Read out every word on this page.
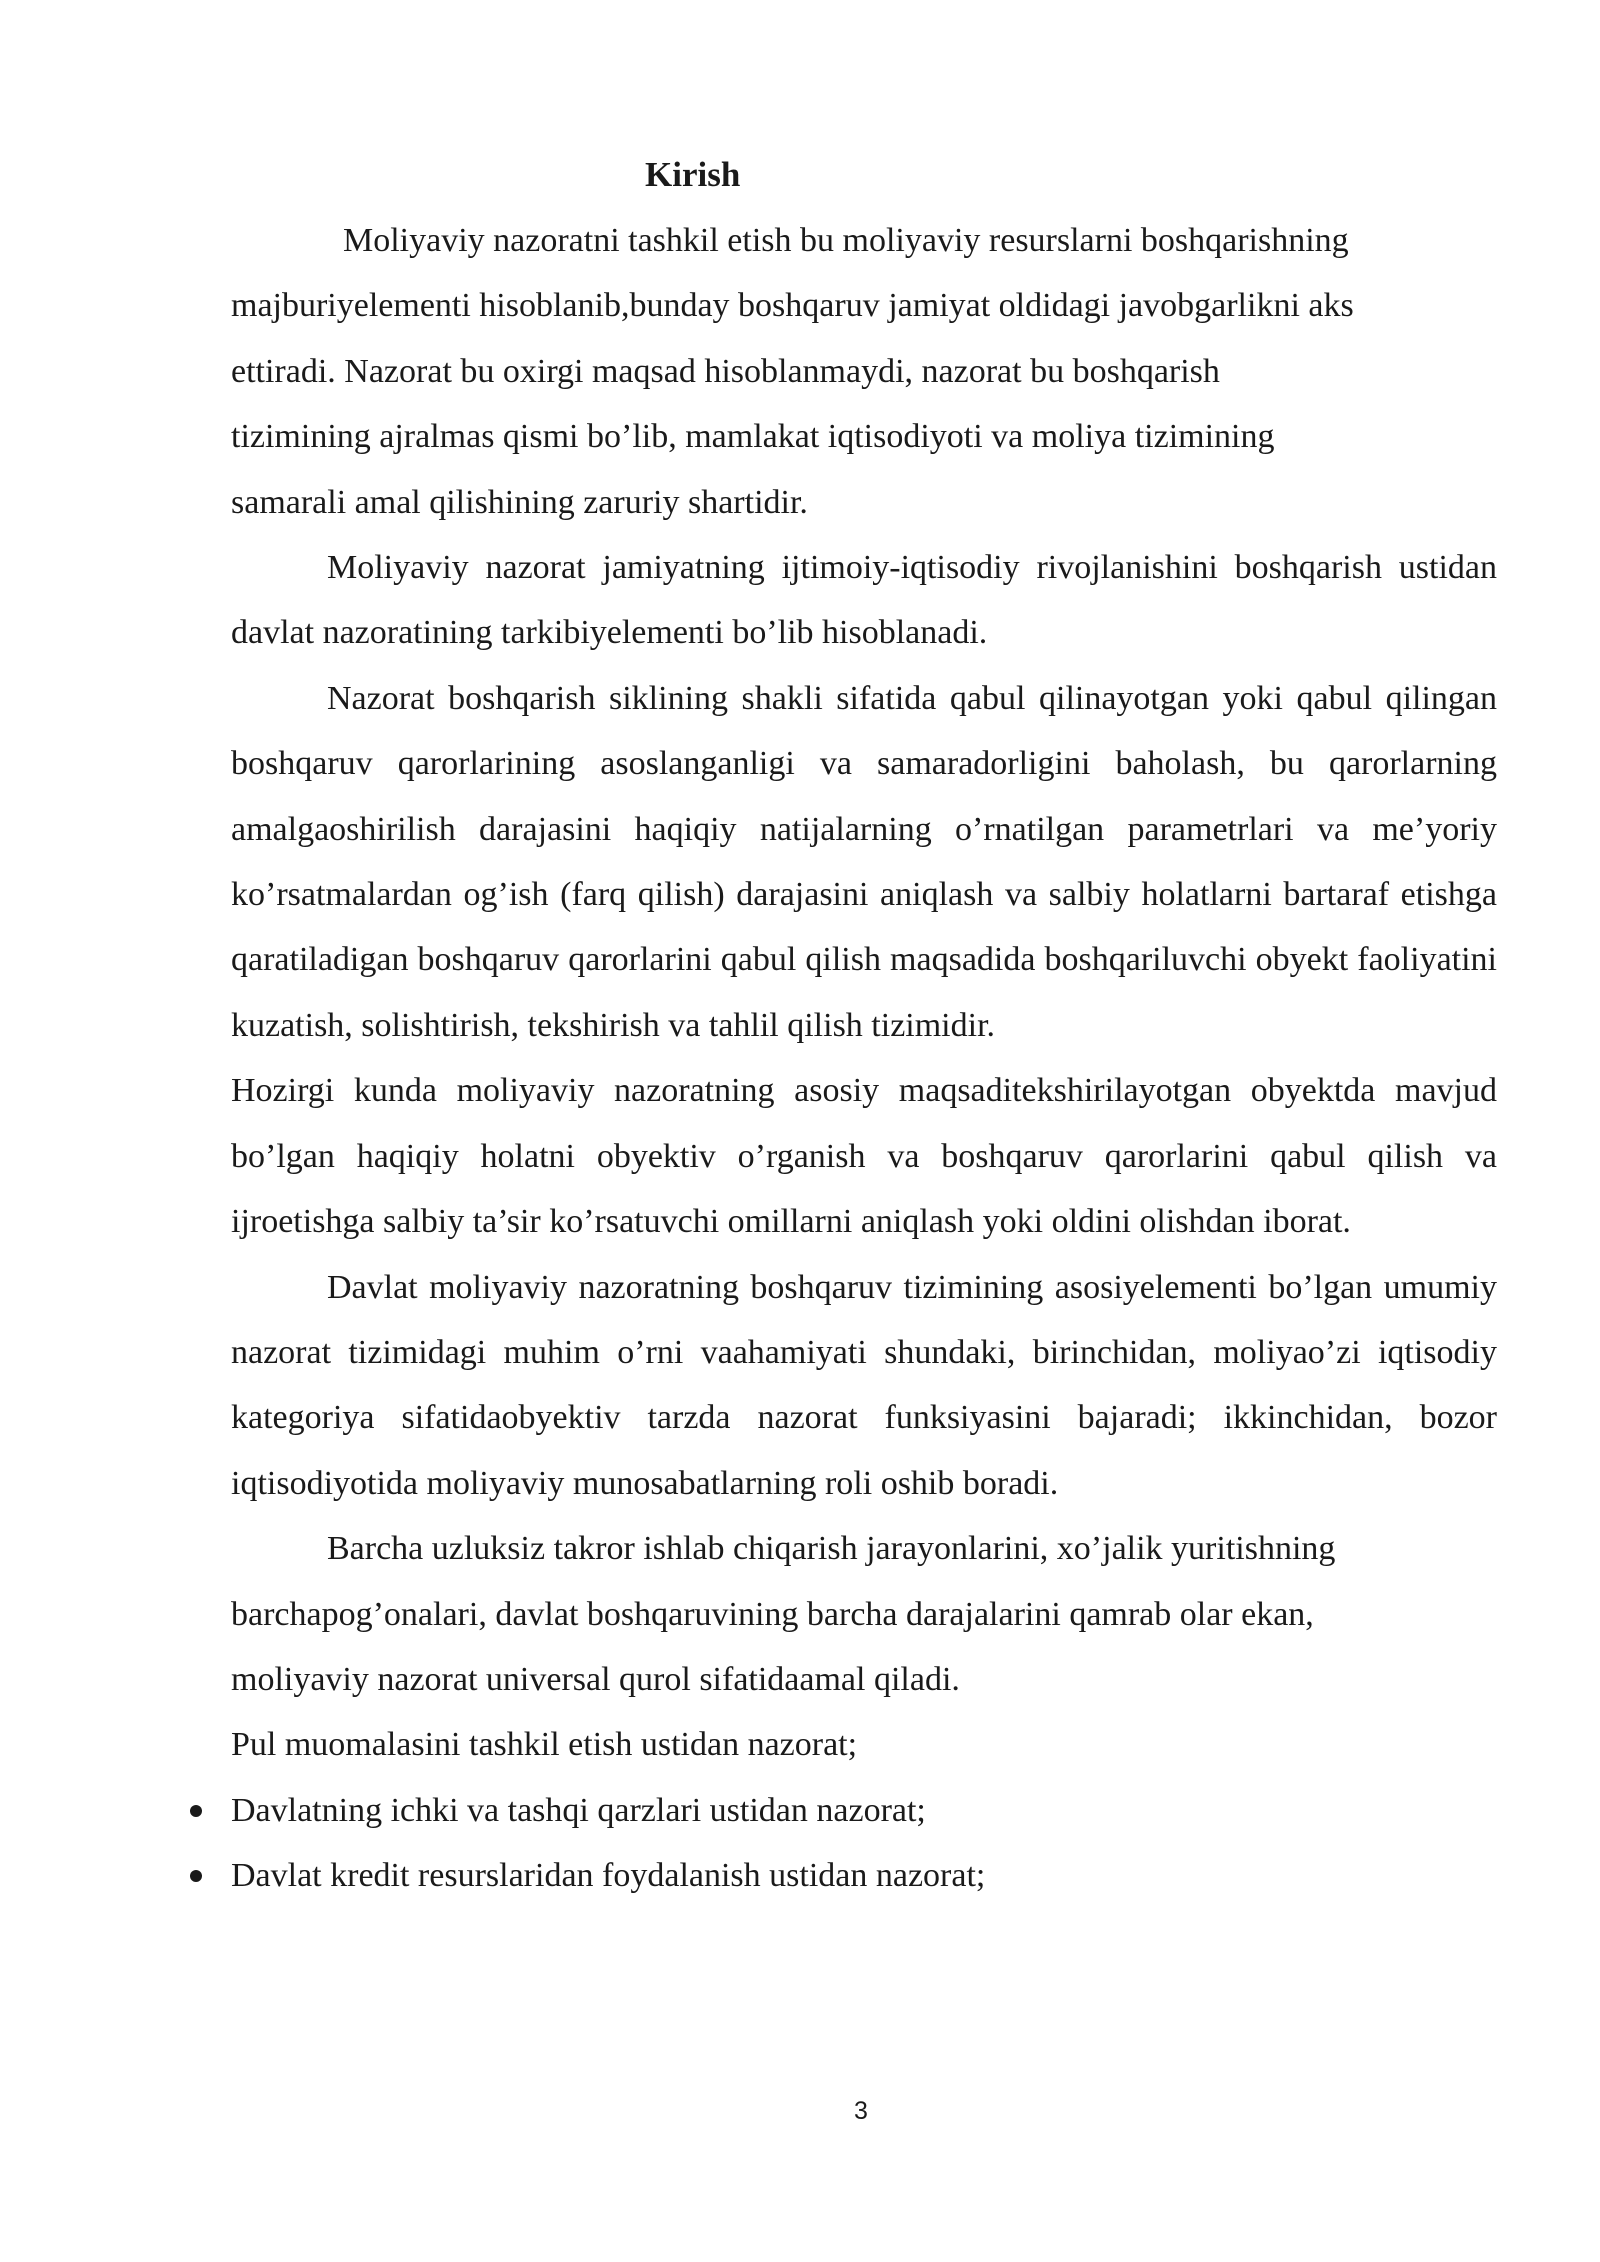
Kirish

Moliyaviy nazoratni tashkil etish bu moliyaviy resurslarni boshqarishning
majburiyelementi hisoblanib,bunday boshqaruv jamiyat oldidagi javobgarlikni aks
ettiradi. Nazorat bu oxirgi maqsad hisoblanmaydi, nazorat bu boshqarish
tizimining ajralmas qismi bo’lib, mamlakat iqtisodiyoti va moliya tizimining
samarali amal qilishining zaruriy shartidir.

Moliyaviy nazorat jamiyatning ijtimoiy-iqtisodiy rivojlanishini boshqarish ustidan davlat nazoratining tarkibiyelementi bo’lib hisoblanadi.

Nazorat boshqarish siklining shakli sifatida qabul qilinayotgan yoki qabul qilingan boshqaruv qarorlarining asoslanganligi va samaradorligini baholash, bu qarorlarning amalgaoshirilish darajasini haqiqiy natijalarning o’rnatilgan parametrlari va me’yoriy ko’rsatmalardan og’ish (farq qilish) darajasini aniqlash va salbiy holatlarni bartaraf etishga qaratiladigan boshqaruv qarorlarini qabul qilish maqsadida boshqariluvchi obyekt faoliyatini kuzatish, solishtirish, tekshirish va tahlil qilish tizimidir.

Hozirgi kunda moliyaviy nazoratning asosiy maqsaditekshirilayotgan obyektda mavjud bo’lgan haqiqiy holatni obyektiv o’rganish va boshqaruv qarorlarini qabul qilish va ijroetishga salbiy ta’sir ko’rsatuvchi omillarni aniqlash yoki oldini olishdan iborat.

Davlat moliyaviy nazoratning boshqaruv tizimining asosiyelementi bo’lgan umumiy nazorat tizimidagi muhim o’rni vaahamiyati shundaki, birinchidan, moliyao’zi iqtisodiy kategoriya sifatidaobyektiv tarzda nazorat funksiyasini bajaradi; ikkinchidan, bozor iqtisodiyotida moliyaviy munosabatlarning roli oshib boradi.

Barcha uzluksiz takror ishlab chiqarish jarayonlarini, xo’jalik yuritishning
barchapog’onalari, davlat boshqaruvining barcha darajalarini qamrab olar ekan,
moliyaviy nazorat universal qurol sifatidaamal qiladi.

Pul muomalasini tashkil etish ustidan nazorat;

Davlatning ichki va tashqi qarzlari ustidan nazorat;
Davlat kredit resurslaridan foydalanish ustidan nazorat;
3
